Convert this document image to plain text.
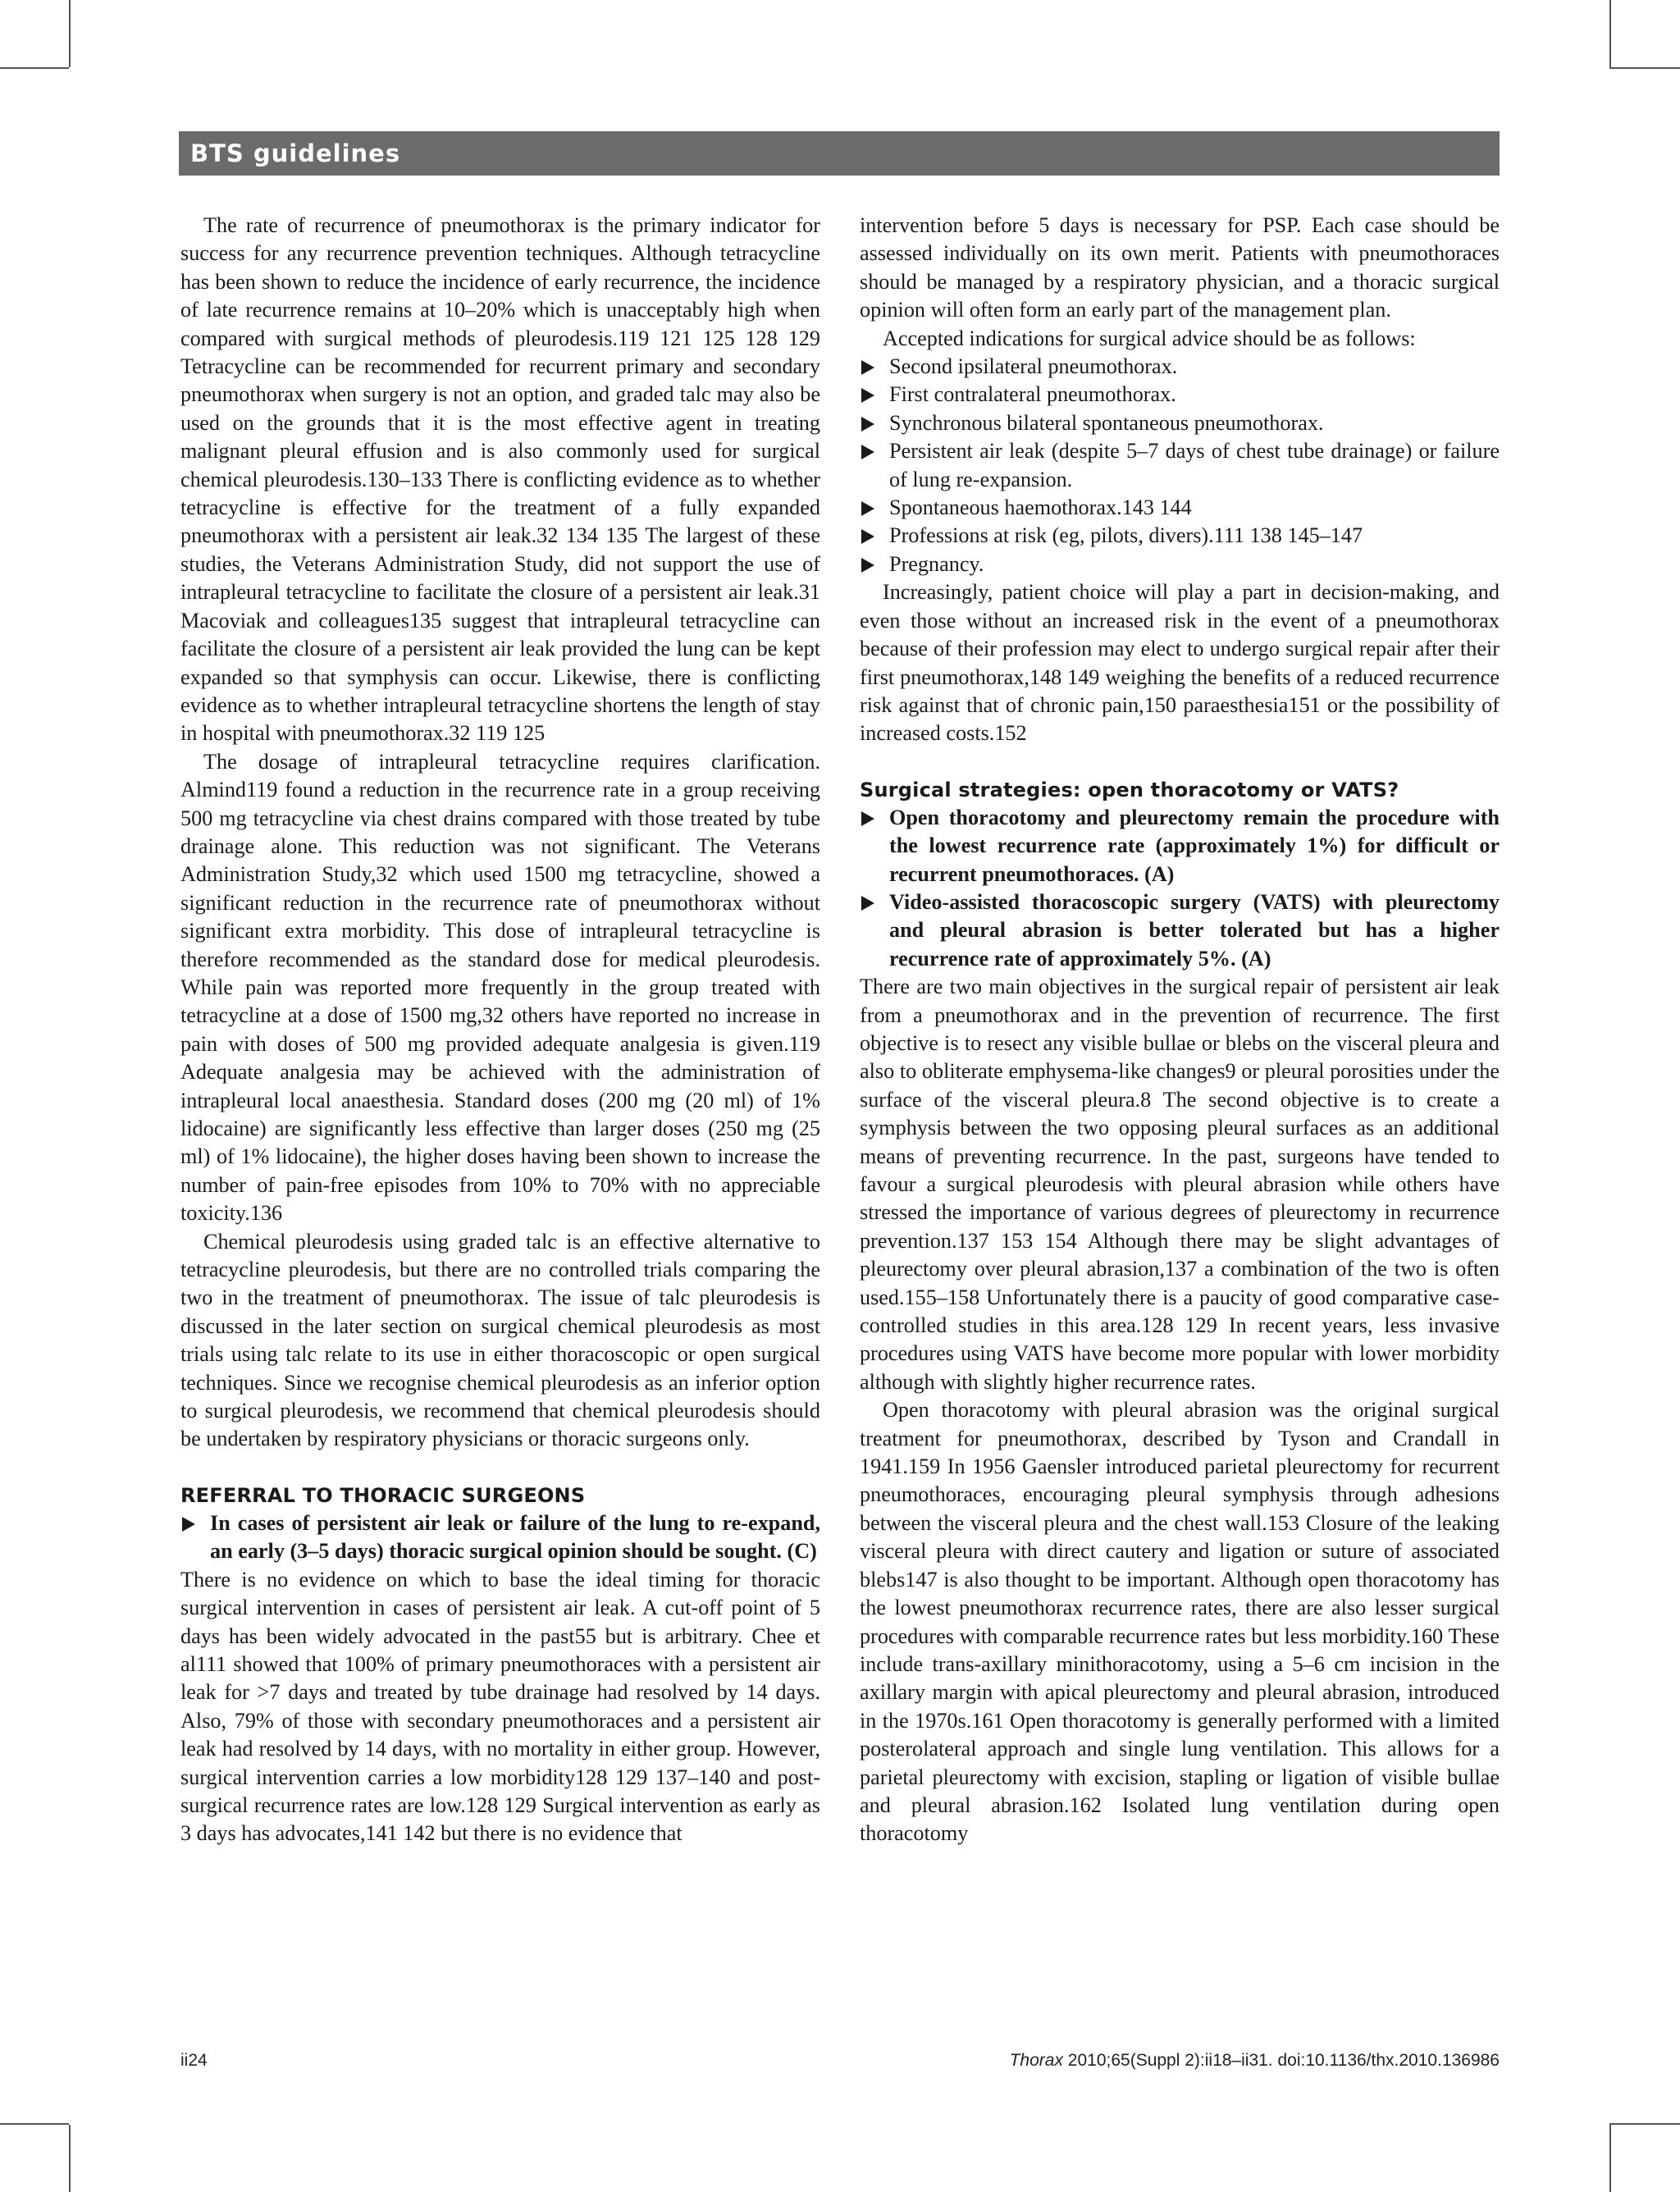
BTS guidelines

The rate of recurrence of pneumothorax is the primary indicator for success for any recurrence prevention techniques. Although tetracycline has been shown to reduce the incidence of early recurrence, the incidence of late recurrence remains at 10–20% which is unacceptably high when compared with surgical methods of pleurodesis.119 121 125 128 129 Tetracycline can be recommended for recurrent primary and secondary pneumothorax when surgery is not an option, and graded talc may also be used on the grounds that it is the most effective agent in treating malignant pleural effusion and is also commonly used for surgical chemical pleurodesis.130–133 There is conflicting evidence as to whether tetracycline is effective for the treatment of a fully expanded pneumothorax with a persistent air leak.32 134 135 The largest of these studies, the Veterans Administration Study, did not support the use of intrapleural tetracycline to facilitate the closure of a persistent air leak.31 Macoviak and colleagues135 suggest that intrapleural tetracycline can facilitate the closure of a persistent air leak provided the lung can be kept expanded so that symphysis can occur. Likewise, there is conflicting evidence as to whether intrapleural tetracycline shortens the length of stay in hospital with pneumothorax.32 119 125

The dosage of intrapleural tetracycline requires clarification. Almind119 found a reduction in the recurrence rate in a group receiving 500 mg tetracycline via chest drains compared with those treated by tube drainage alone. This reduction was not significant. The Veterans Administration Study,32 which used 1500 mg tetracycline, showed a significant reduction in the recurrence rate of pneumothorax without significant extra morbidity. This dose of intrapleural tetracycline is therefore recommended as the standard dose for medical pleurodesis. While pain was reported more frequently in the group treated with tetracycline at a dose of 1500 mg,32 others have reported no increase in pain with doses of 500 mg provided adequate analgesia is given.119 Adequate analgesia may be achieved with the administration of intrapleural local anaesthesia. Standard doses (200 mg (20 ml) of 1% lidocaine) are significantly less effective than larger doses (250 mg (25 ml) of 1% lidocaine), the higher doses having been shown to increase the number of pain-free episodes from 10% to 70% with no appreciable toxicity.136

Chemical pleurodesis using graded talc is an effective alternative to tetracycline pleurodesis, but there are no controlled trials comparing the two in the treatment of pneumothorax. The issue of talc pleurodesis is discussed in the later section on surgical chemical pleurodesis as most trials using talc relate to its use in either thoracoscopic or open surgical techniques. Since we recognise chemical pleurodesis as an inferior option to surgical pleurodesis, we recommend that chemical pleurodesis should be undertaken by respiratory physicians or thoracic surgeons only.

REFERRAL TO THORACIC SURGEONS
In cases of persistent air leak or failure of the lung to re-expand, an early (3–5 days) thoracic surgical opinion should be sought. (C)

There is no evidence on which to base the ideal timing for thoracic surgical intervention in cases of persistent air leak. A cut-off point of 5 days has been widely advocated in the past55 but is arbitrary. Chee et al111 showed that 100% of primary pneumothoraces with a persistent air leak for >7 days and treated by tube drainage had resolved by 14 days. Also, 79% of those with secondary pneumothoraces and a persistent air leak had resolved by 14 days, with no mortality in either group. However, surgical intervention carries a low morbidity128 129 137–140 and post-surgical recurrence rates are low.128 129 Surgical intervention as early as 3 days has advocates,141 142 but there is no evidence that

intervention before 5 days is necessary for PSP. Each case should be assessed individually on its own merit. Patients with pneumothoraces should be managed by a respiratory physician, and a thoracic surgical opinion will often form an early part of the management plan.

Accepted indications for surgical advice should be as follows:

Second ipsilateral pneumothorax.
First contralateral pneumothorax.
Synchronous bilateral spontaneous pneumothorax.
Persistent air leak (despite 5–7 days of chest tube drainage) or failure of lung re-expansion.
Spontaneous haemothorax.143 144
Professions at risk (eg, pilots, divers).111 138 145–147
Pregnancy.

Increasingly, patient choice will play a part in decision-making, and even those without an increased risk in the event of a pneumothorax because of their profession may elect to undergo surgical repair after their first pneumothorax,148 149 weighing the benefits of a reduced recurrence risk against that of chronic pain,150 paraesthesia151 or the possibility of increased costs.152

Surgical strategies: open thoracotomy or VATS?
Open thoracotomy and pleurectomy remain the procedure with the lowest recurrence rate (approximately 1%) for difficult or recurrent pneumothoraces. (A)
Video-assisted thoracoscopic surgery (VATS) with pleurectomy and pleural abrasion is better tolerated but has a higher recurrence rate of approximately 5%. (A)

There are two main objectives in the surgical repair of persistent air leak from a pneumothorax and in the prevention of recurrence. The first objective is to resect any visible bullae or blebs on the visceral pleura and also to obliterate emphysema-like changes9 or pleural porosities under the surface of the visceral pleura.8 The second objective is to create a symphysis between the two opposing pleural surfaces as an additional means of preventing recurrence. In the past, surgeons have tended to favour a surgical pleurodesis with pleural abrasion while others have stressed the importance of various degrees of pleurectomy in recurrence prevention.137 153 154 Although there may be slight advantages of pleurectomy over pleural abrasion,137 a combination of the two is often used.155–158 Unfortunately there is a paucity of good comparative case-controlled studies in this area.128 129 In recent years, less invasive procedures using VATS have become more popular with lower morbidity although with slightly higher recurrence rates.

Open thoracotomy with pleural abrasion was the original surgical treatment for pneumothorax, described by Tyson and Crandall in 1941.159 In 1956 Gaensler introduced parietal pleurectomy for recurrent pneumothoraces, encouraging pleural symphysis through adhesions between the visceral pleura and the chest wall.153 Closure of the leaking visceral pleura with direct cautery and ligation or suture of associated blebs147 is also thought to be important. Although open thoracotomy has the lowest pneumothorax recurrence rates, there are also lesser surgical procedures with comparable recurrence rates but less morbidity.160 These include trans-axillary minithoracotomy, using a 5–6 cm incision in the axillary margin with apical pleurectomy and pleural abrasion, introduced in the 1970s.161 Open thoracotomy is generally performed with a limited posterolateral approach and single lung ventilation. This allows for a parietal pleurectomy with excision, stapling or ligation of visible bullae and pleural abrasion.162 Isolated lung ventilation during open thoracotomy

ii24	Thorax 2010;65(Suppl 2):ii18–ii31. doi:10.1136/thx.2010.136986
